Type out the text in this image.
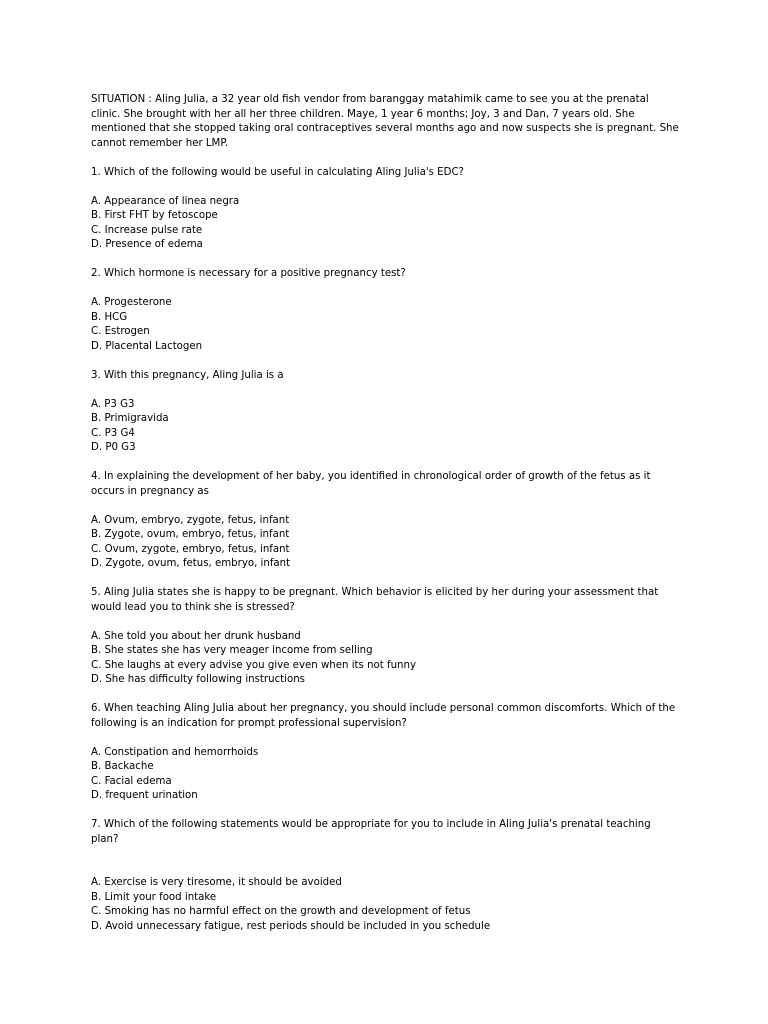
SITUATION : Aling Julia, a 32 year old fish vendor from baranggay matahimik came to see you at the prenatal clinic. She brought with her all her three children. Maye, 1 year 6 months; Joy, 3 and Dan, 7 years old. She mentioned that she stopped taking oral contraceptives several months ago and now suspects she is pregnant. She cannot remember her LMP.

1. Which of the following would be useful in calculating Aling Julia's EDC?

A. Appearance of linea negra
B. First FHT by fetoscope
C. Increase pulse rate
D. Presence of edema

2. Which hormone is necessary for a positive pregnancy test?

A. Progesterone
B. HCG
C. Estrogen
D. Placental Lactogen

3. With this pregnancy, Aling Julia is a

A. P3 G3
B. Primigravida
C. P3 G4
D. P0 G3

4. In explaining the development of her baby, you identified in chronological order of growth of the fetus as it occurs in pregnancy as

A. Ovum, embryo, zygote, fetus, infant
B. Zygote, ovum, embryo, fetus, infant
C. Ovum, zygote, embryo, fetus, infant
D. Zygote, ovum, fetus, embryo, infant

5. Aling Julia states she is happy to be pregnant. Which behavior is elicited by her during your assessment that would lead you to think she is stressed?

A. She told you about her drunk husband
B. She states she has very meager income from selling
C. She laughs at every advise you give even when its not funny
D. She has difficulty following instructions

6. When teaching Aling Julia about her pregnancy, you should include personal common discomforts. Which of the following is an indication for prompt professional supervision?

A. Constipation and hemorrhoids
B. Backache
C. Facial edema
D. frequent urination

7. Which of the following statements would be appropriate for you to include in Aling Julia's prenatal teaching plan?

A. Exercise is very tiresome, it should be avoided
B. Limit your food intake
C. Smoking has no harmful effect on the growth and development of fetus
D. Avoid unnecessary fatigue, rest periods should be included in you schedule
